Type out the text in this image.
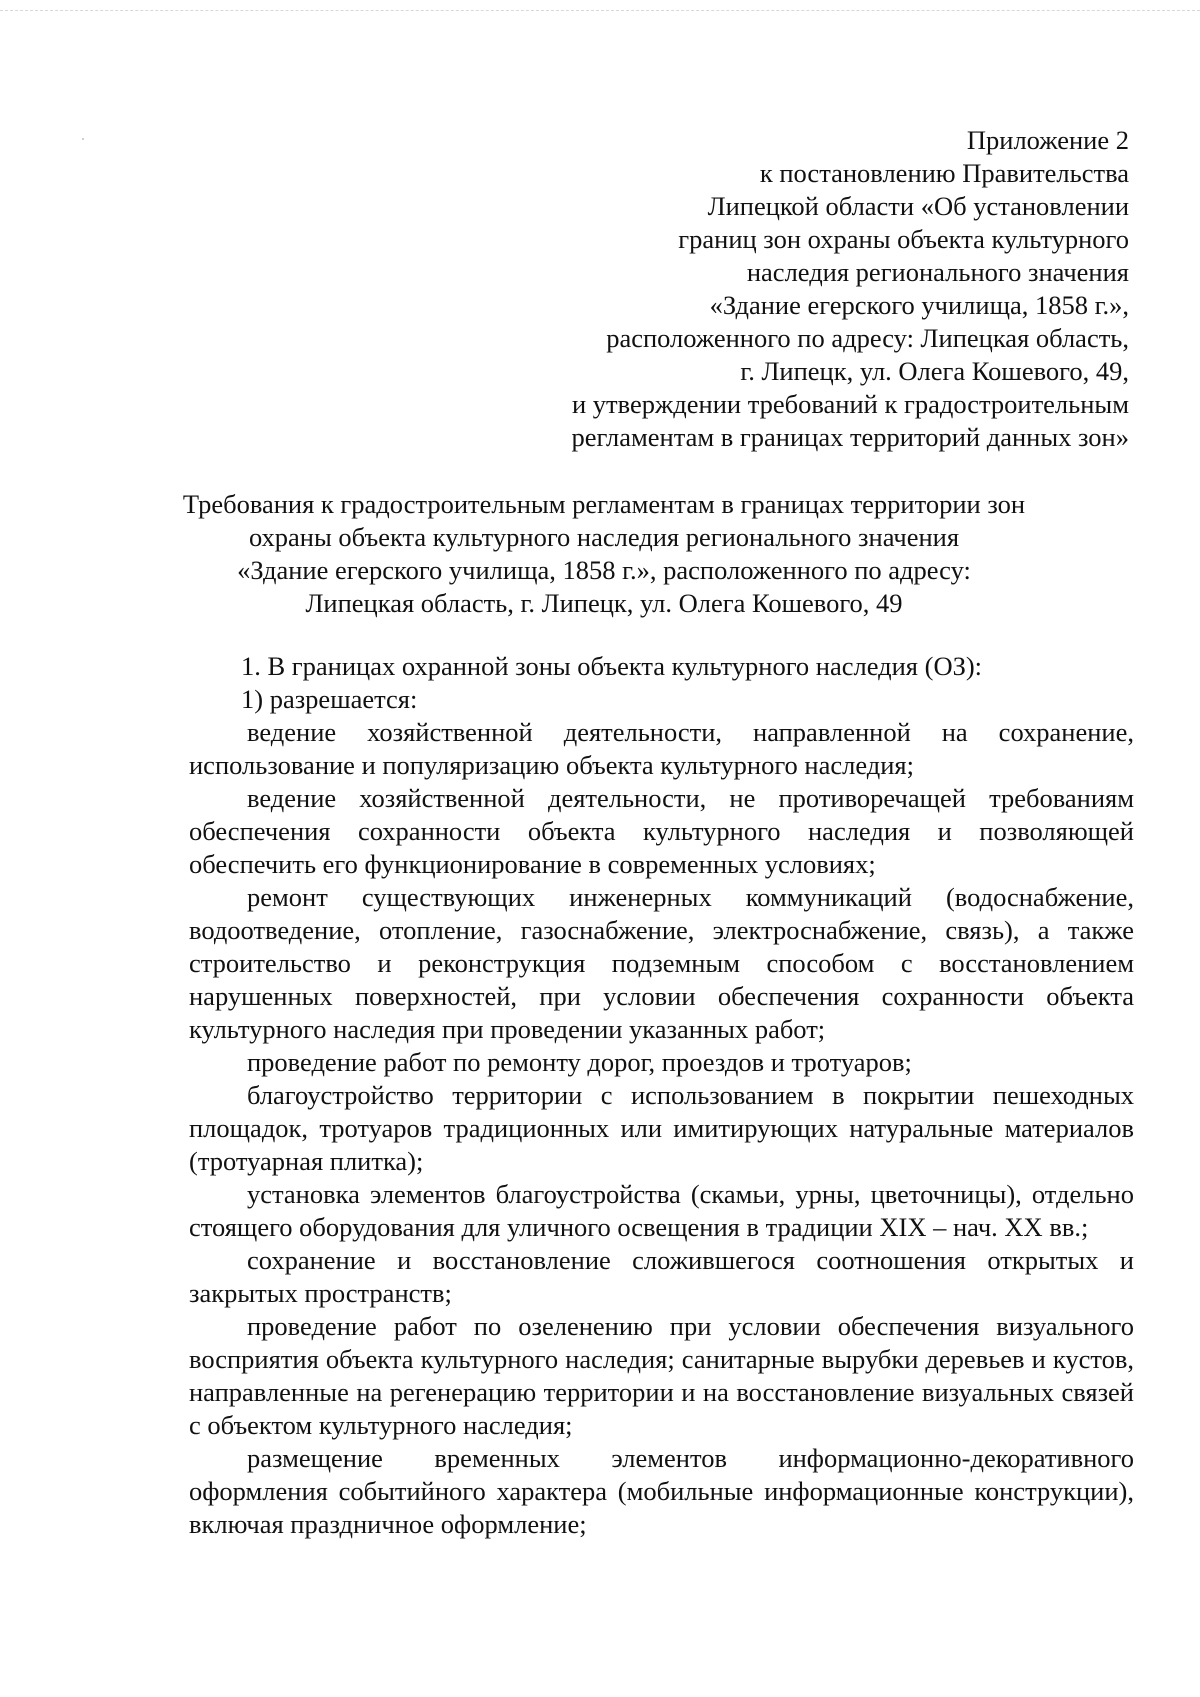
Приложение 2
к постановлению Правительства
Липецкой области «Об установлении
границ зон охраны объекта культурного
наследия регионального значения
«Здание егерского училища, 1858 г.»,
расположенного по адресу: Липецкая область,
г. Липецк, ул. Олега Кошевого, 49,
и утверждении требований к градостроительным
регламентам в границах территорий данных зон»
Требования к градостроительным регламентам в границах территории зон
охраны объекта культурного наследия регионального значения
«Здание егерского училища, 1858 г.», расположенного по адресу:
Липецкая область, г. Липецк, ул. Олега Кошевого, 49

1. В границах охранной зоны объекта культурного наследия (ОЗ):

1) разрешается:

ведение хозяйственной деятельности, направленной на сохранение, использование и популяризацию объекта культурного наследия;

ведение хозяйственной деятельности, не противоречащей требованиям обеспечения сохранности объекта культурного наследия и позволяющей обеспечить его функционирование в современных условиях;

ремонт существующих инженерных коммуникаций (водоснабжение, водоотведение, отопление, газоснабжение, электроснабжение, связь), а также строительство и реконструкция подземным способом с восстановлением нарушенных поверхностей, при условии обеспечения сохранности объекта культурного наследия при проведении указанных работ;

проведение работ по ремонту дорог, проездов и тротуаров;

благоустройство территории с использованием в покрытии пешеходных площадок, тротуаров традиционных или имитирующих натуральные материалов (тротуарная плитка);

установка элементов благоустройства (скамьи, урны, цветочницы), отдельно стоящего оборудования для уличного освещения в традиции XIX – нач. XX вв.;

сохранение и восстановление сложившегося соотношения открытых и закрытых пространств;

проведение работ по озеленению при условии обеспечения визуального восприятия объекта культурного наследия; санитарные вырубки деревьев и кустов, направленные на регенерацию территории и на восстановление визуальных связей с объектом культурного наследия;

размещение временных элементов информационно-декоративного оформления событийного характера (мобильные информационные конструкции), включая праздничное оформление;
